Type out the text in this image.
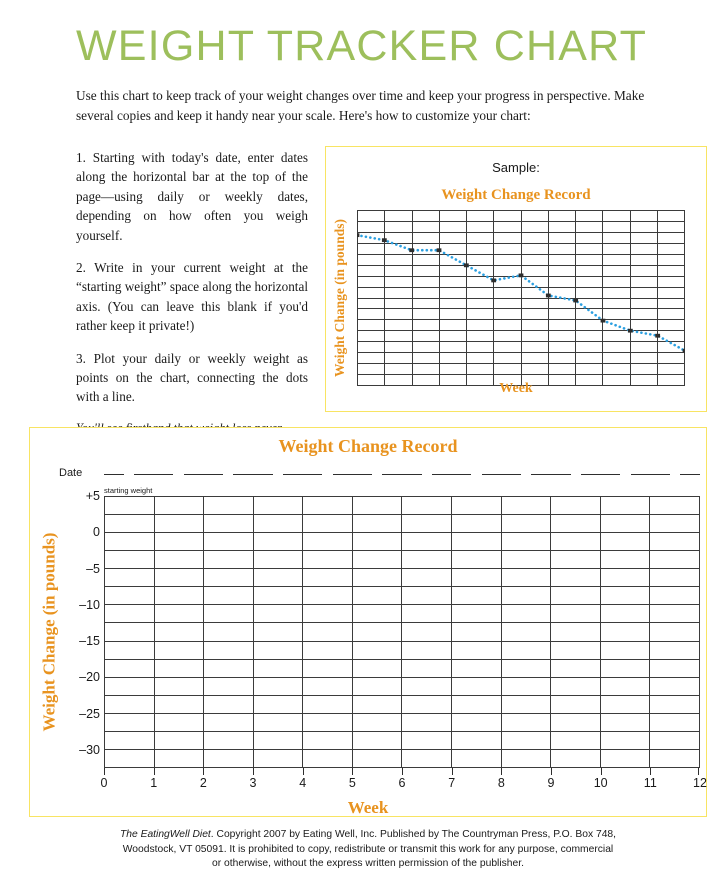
WEIGHT TRACKER CHART
Use this chart to keep track of your weight changes over time and keep your progress in perspective. Make several copies and keep it handy near your scale. Here's how to customize your chart:

1. Starting with today's date, enter dates along the horizontal bar at the top of the page—using daily or weekly dates, depending on how often you weigh yourself.

2. Write in your current weight at the “starting weight” space along the horizontal axis. (You can leave this blank if you'd rather keep it private!)

3. Plot your daily or weekly weight as points on the chart, connecting the dots with a line.

Sample:
Weight Change Record
Weight Change (in pounds)
Week
Weight Change Record
Date
starting weight
Weight Change (in pounds)
+5
0
–5
–10
–15
–20
–25
–30
0	1	2	3	4	5	6	7	8	9	10	11	12
Week
The EatingWell Diet. Copyright 2007 by Eating Well, Inc. Published by The Countryman Press, P.O. Box 748, Woodstock, VT 05091. It is prohibited to copy, redistribute or transmit this work for any purpose, commercial or otherwise, without the express written permission of the publisher.
